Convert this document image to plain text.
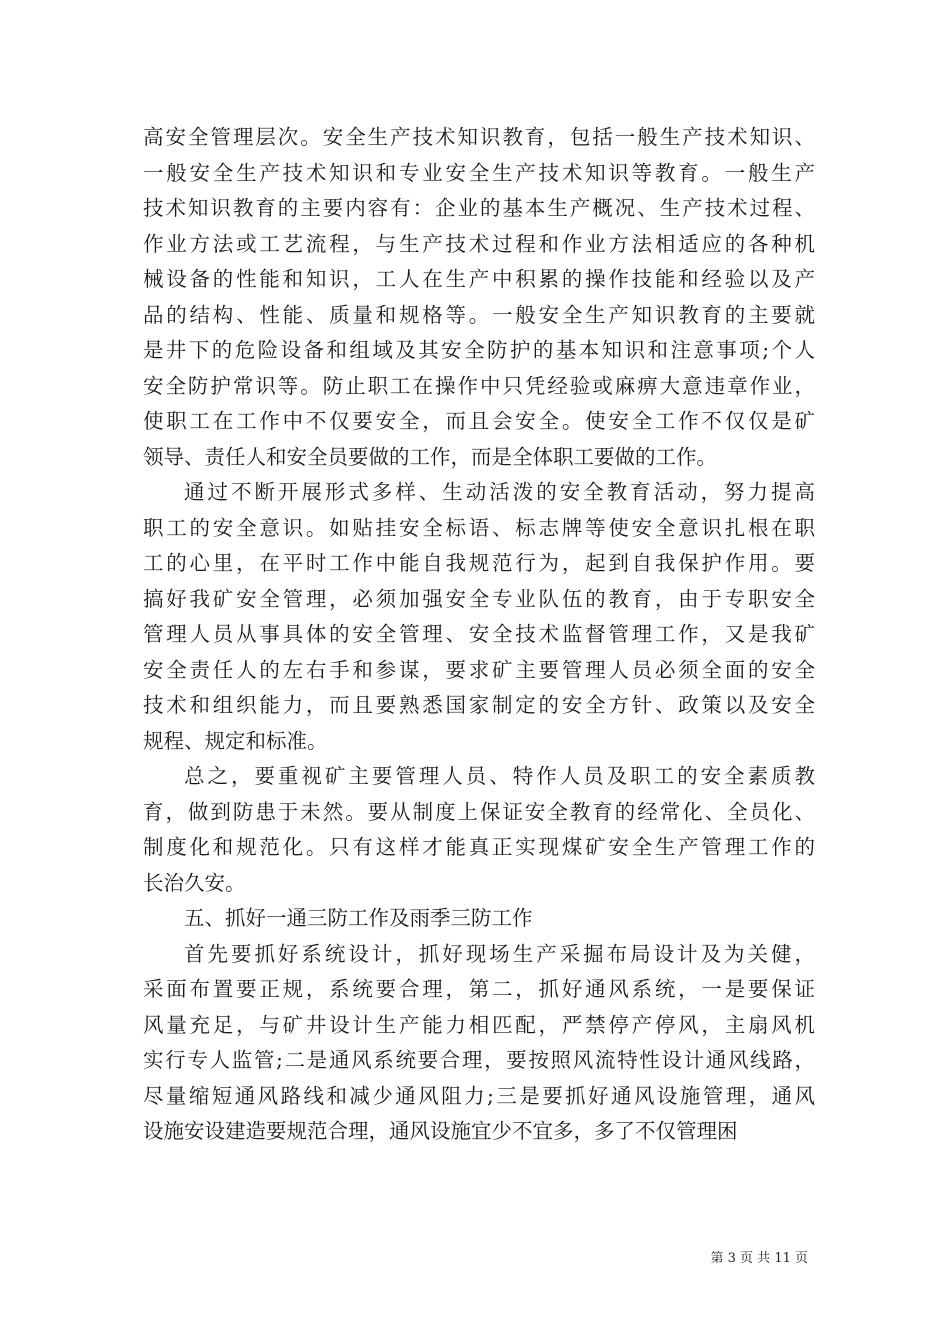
高安全管理层次。安全生产技术知识教育，包括一般生产技术知识、
一般安全生产技术知识和专业安全生产技术知识等教育。一般生产
技术知识教育的主要内容有：企业的基本生产概况、生产技术过程、
作业方法或工艺流程，与生产技术过程和作业方法相适应的各种机
械设备的性能和知识，工人在生产中积累的操作技能和经验以及产
品的结构、性能、质量和规格等。一般安全生产知识教育的主要就
是井下的危险设备和组域及其安全防护的基本知识和注意事项;个人
安全防护常识等。防止职工在操作中只凭经验或麻痹大意违章作业，
使职工在工作中不仅要安全，而且会安全。使安全工作不仅仅是矿
领导、责任人和安全员要做的工作，而是全体职工要做的工作。
通过不断开展形式多样、生动活泼的安全教育活动，努力提高
职工的安全意识。如贴挂安全标语、标志牌等使安全意识扎根在职
工的心里，在平时工作中能自我规范行为，起到自我保护作用。要
搞好我矿安全管理，必须加强安全专业队伍的教育，由于专职安全
管理人员从事具体的安全管理、安全技术监督管理工作，又是我矿
安全责任人的左右手和参谋，要求矿主要管理人员必须全面的安全
技术和组织能力，而且要熟悉国家制定的安全方针、政策以及安全
规程、规定和标准。
总之，要重视矿主要管理人员、特作人员及职工的安全素质教
育，做到防患于未然。要从制度上保证安全教育的经常化、全员化、
制度化和规范化。只有这样才能真正实现煤矿安全生产管理工作的
长治久安。
五、抓好一通三防工作及雨季三防工作
首先要抓好系统设计，抓好现场生产采掘布局设计及为关健，
采面布置要正规，系统要合理，第二，抓好通风系统，一是要保证
风量充足，与矿井设计生产能力相匹配，严禁停产停风，主扇风机
实行专人监管;二是通风系统要合理，要按照风流特性设计通风线路，
尽量缩短通风路线和减少通风阻力;三是要抓好通风设施管理，通风
设施安设建造要规范合理，通风设施宜少不宜多，多了不仅管理困
第 3 页 共 11 页
